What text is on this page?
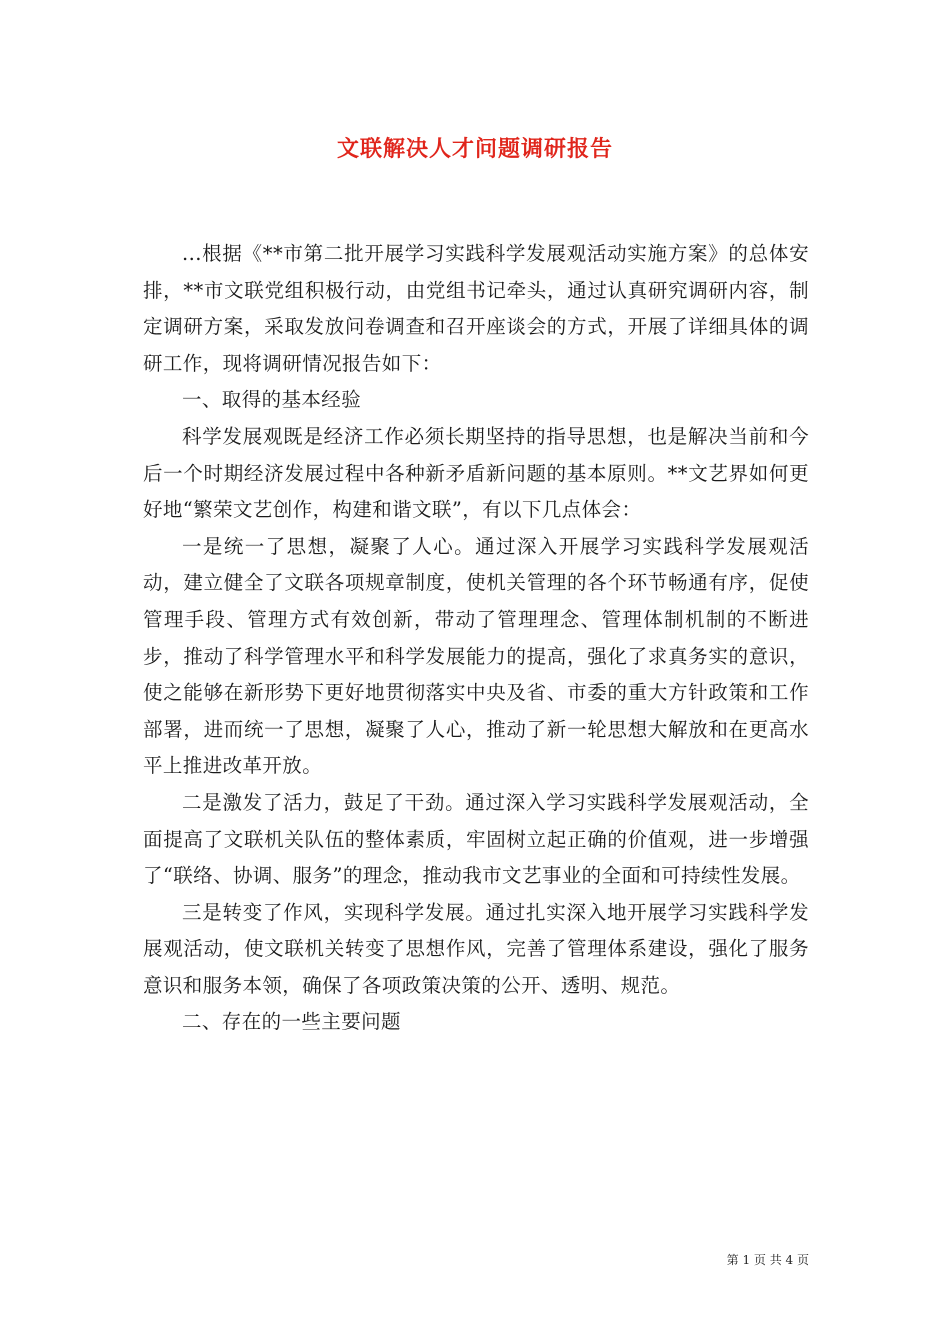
文联解决人才问题调研报告

...根据《**市第二批开展学习实践科学发展观活动实施方案》的总体安排，**市文联党组积极行动，由党组书记牵头，通过认真研究调研内容，制定调研方案，采取发放问卷调查和召开座谈会的方式，开展了详细具体的调研工作，现将调研情况报告如下：

一、取得的基本经验

科学发展观既是经济工作必须长期坚持的指导思想，也是解决当前和今后一个时期经济发展过程中各种新矛盾新问题的基本原则。**文艺界如何更好地“繁荣文艺创作，构建和谐文联”，有以下几点体会：

一是统一了思想，凝聚了人心。通过深入开展学习实践科学发展观活动，建立健全了文联各项规章制度，使机关管理的各个环节畅通有序，促使管理手段、管理方式有效创新，带动了管理理念、管理体制机制的不断进步，推动了科学管理水平和科学发展能力的提高，强化了求真务实的意识，使之能够在新形势下更好地贯彻落实中央及省、市委的重大方针政策和工作部署，进而统一了思想，凝聚了人心，推动了新一轮思想大解放和在更高水平上推进改革开放。

二是激发了活力，鼓足了干劲。通过深入学习实践科学发展观活动，全面提高了文联机关队伍的整体素质，牢固树立起正确的价值观，进一步增强了“联络、协调、服务”的理念，推动我市文艺事业的全面和可持续性发展。

三是转变了作风，实现科学发展。通过扎实深入地开展学习实践科学发展观活动，使文联机关转变了思想作风，完善了管理体系建设，强化了服务意识和服务本领，确保了各项政策决策的公开、透明、规范。

二、存在的一些主要问题

第 1 页 共 4 页
